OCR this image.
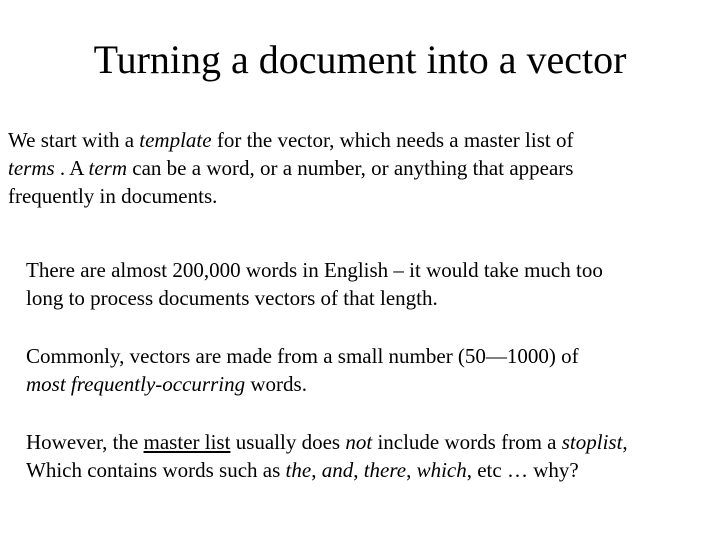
Turning a document into a vector
We start with a template for the vector, which needs a master list of
terms . A term can be a word, or a number, or anything that appears
frequently in documents.
There are almost 200,000 words in English – it would take much too
long to process documents vectors of that length.
Commonly, vectors are made from a small number (50—1000) of
most frequently-occurring words.
However, the master list usually does not include words from a stoplist,
Which contains words such as the, and, there, which, etc … why?
